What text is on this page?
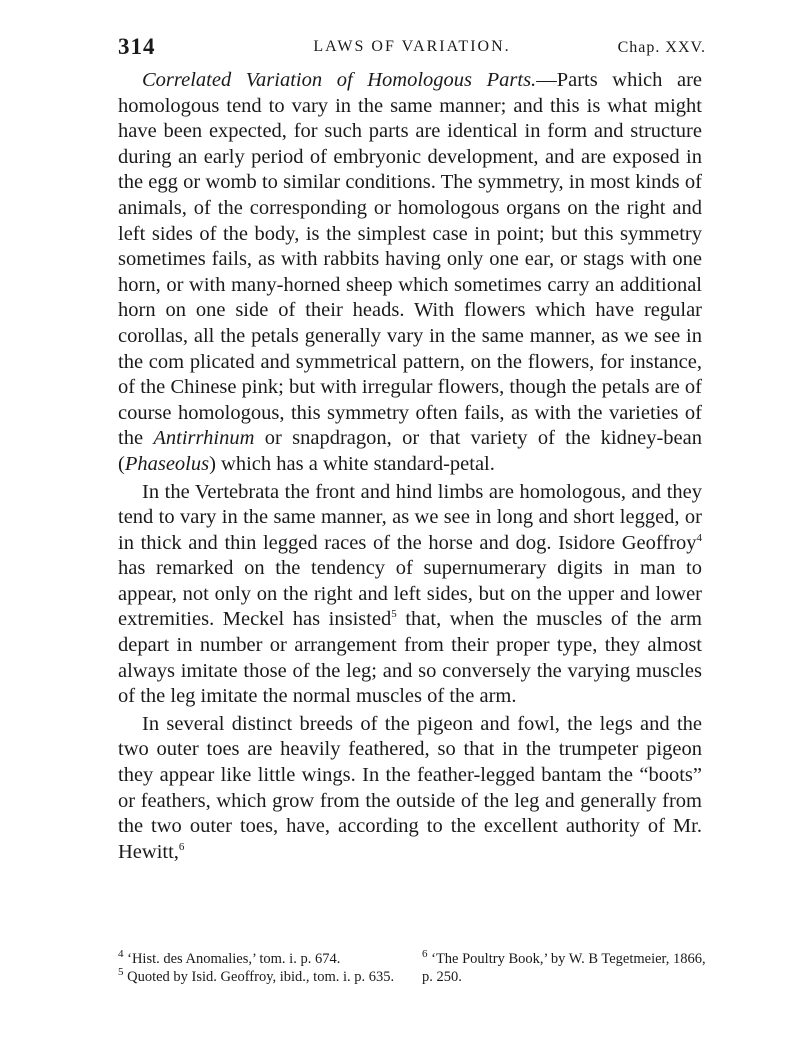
314	LAWS OF VARIATION.	Chap. XXV.

Correlated Variation of Homologous Parts.—Parts which are homologous tend to vary in the same manner; and this is what might have been expected, for such parts are identical in form and structure during an early period of embryonic development, and are exposed in the egg or womb to similar conditions. The symmetry, in most kinds of animals, of the corresponding or homologous organs on the right and left sides of the body, is the simplest case in point; but this symmetry sometimes fails, as with rabbits having only one ear, or stags with one horn, or with many-horned sheep which sometimes carry an additional horn on one side of their heads. With flowers which have regular corollas, all the petals generally vary in the same manner, as we see in the com plicated and symmetrical pattern, on the flowers, for instance, of the Chinese pink; but with irregular flowers, though the petals are of course homologous, this symmetry often fails, as with the varieties of the Antirrhinum or snapdragon, or that variety of the kidney-bean (Phaseolus) which has a white standard-petal.

In the Vertebrata the front and hind limbs are homologous, and they tend to vary in the same manner, as we see in long and short legged, or in thick and thin legged races of the horse and dog. Isidore Geoffroy$^4$ has remarked on the tendency of supernumerary digits in man to appear, not only on the right and left sides, but on the upper and lower extremities. Meckel has insisted$^5$ that, when the muscles of the arm depart in number or arrangement from their proper type, they almost always imitate those of the leg; and so conversely the varying muscles of the leg imitate the normal muscles of the arm.

In several distinct breeds of the pigeon and fowl, the legs and the two outer toes are heavily feathered, so that in the trumpeter pigeon they appear like little wings. In the feather-legged bantam the “boots” or feathers, which grow from the outside of the leg and generally from the two outer toes, have, according to the excellent authority of Mr. Hewitt,$^6$

$^4$ ‘Hist. des Anomalies,’ tom. i. p. 674.

$^5$ Quoted by Isid. Geoffroy, ibid., tom. i. p. 635.

$^6$ ‘The Poultry Book,’ by W. B Tegetmeier, 1866, p. 250.
